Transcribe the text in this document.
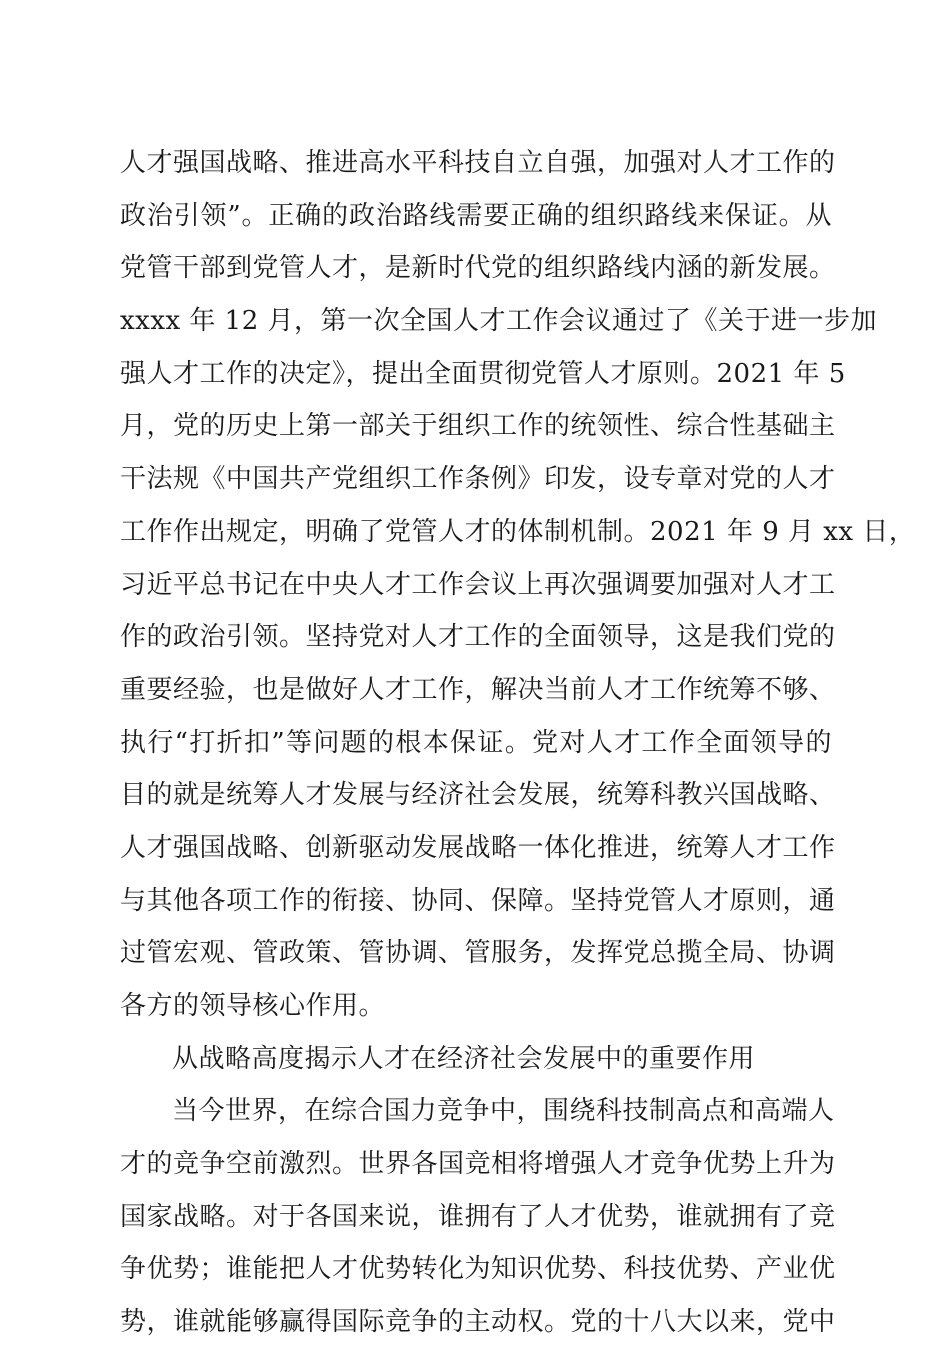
人才强国战略、推进高水平科技自立自强，加强对人才工作的
政治引领”。正确的政治路线需要正确的组织路线来保证。从
党管干部到党管人才，是新时代党的组织路线内涵的新发展。
xxxx 年 12 月，第一次全国人才工作会议通过了《关于进一步加
强人才工作的决定》，提出全面贯彻党管人才原则。2021 年 5
月，党的历史上第一部关于组织工作的统领性、综合性基础主
干法规《中国共产党组织工作条例》印发，设专章对党的人才
工作作出规定，明确了党管人才的体制机制。2021 年 9 月 xx 日，
习近平总书记在中央人才工作会议上再次强调要加强对人才工
作的政治引领。坚持党对人才工作的全面领导，这是我们党的
重要经验，也是做好人才工作，解决当前人才工作统筹不够、
执行“打折扣”等问题的根本保证。党对人才工作全面领导的
目的就是统筹人才发展与经济社会发展，统筹科教兴国战略、
人才强国战略、创新驱动发展战略一体化推进，统筹人才工作
与其他各项工作的衔接、协同、保障。坚持党管人才原则，通
过管宏观、管政策、管协调、管服务，发挥党总揽全局、协调
各方的领导核心作用。
从战略高度揭示人才在经济社会发展中的重要作用
当今世界，在综合国力竞争中，围绕科技制高点和高端人
才的竞争空前激烈。世界各国竞相将增强人才竞争优势上升为
国家战略。对于各国来说，谁拥有了人才优势，谁就拥有了竞
争优势；谁能把人才优势转化为知识优势、科技优势、产业优
势，谁就能够赢得国际竞争的主动权。党的十八大以来，党中
